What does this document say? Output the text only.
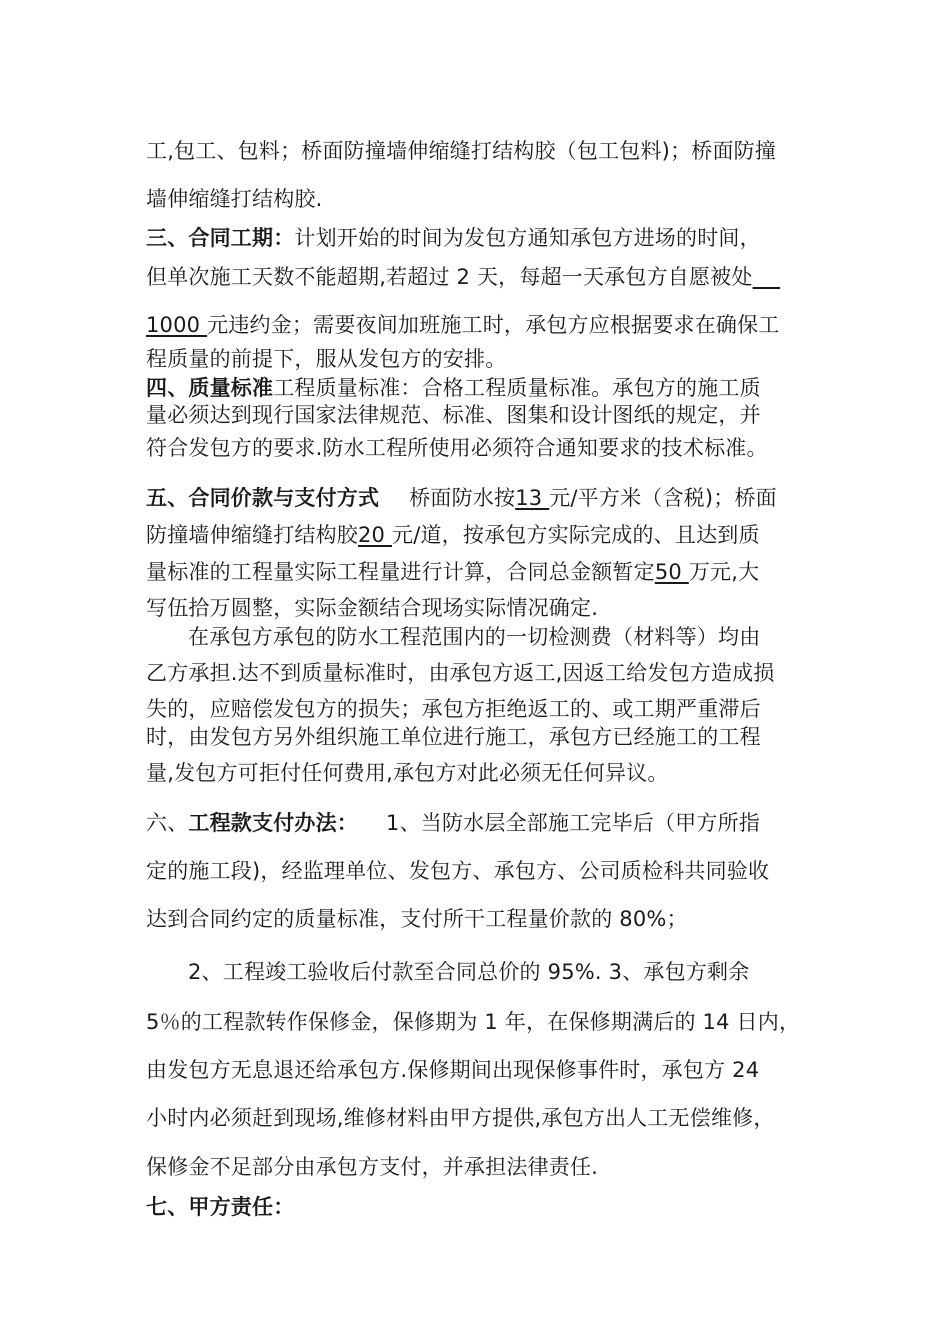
工,包工、包料；桥面防撞墙伸缩缝打结构胶（包工包料)；桥面防撞
墙伸缩缝打结构胶.
三、合同工期：计划开始的时间为发包方通知承包方进场的时间，
但单次施工天数不能超期,若超过 2 天，每超一天承包方自愿被处
1000 元违约金；需要夜间加班施工时，承包方应根据要求在确保工
程质量的前提下，服从发包方的安排。
四、质量标准工程质量标准：合格工程质量标准。承包方的施工质
量必须达到现行国家法律规范、标准、图集和设计图纸的规定，并
符合发包方的要求.防水工程所使用必须符合通知要求的技术标准。
五、合同价款与支付方式 桥面防水按13 元/平方米（含税)；桥面
防撞墙伸缩缝打结构胶20 元/道，按承包方实际完成的、且达到质
量标准的工程量实际工程量进行计算，合同总金额暂定50 万元,大
写伍拾万圆整，实际金额结合现场实际情况确定.
在承包方承包的防水工程范围内的一切检测费（材料等）均由
乙方承担.达不到质量标准时，由承包方返工,因返工给发包方造成损
失的，应赔偿发包方的损失；承包方拒绝返工的、或工期严重滞后
时，由发包方另外组织施工单位进行施工，承包方已经施工的工程
量,发包方可拒付任何费用,承包方对此必须无任何异议。
六、工程款支付办法： 1、当防水层全部施工完毕后（甲方所指
定的施工段)，经监理单位、发包方、承包方、公司质检科共同验收
达到合同约定的质量标准，支付所干工程量价款的 80%；
2、工程竣工验收后付款至合同总价的 95%. 3、承包方剩余
5％的工程款转作保修金，保修期为 1 年，在保修期满后的 14 日内，
由发包方无息退还给承包方.保修期间出现保修事件时，承包方 24
小时内必须赶到现场,维修材料由甲方提供,承包方出人工无偿维修，
保修金不足部分由承包方支付，并承担法律责任.
七、甲方责任：
